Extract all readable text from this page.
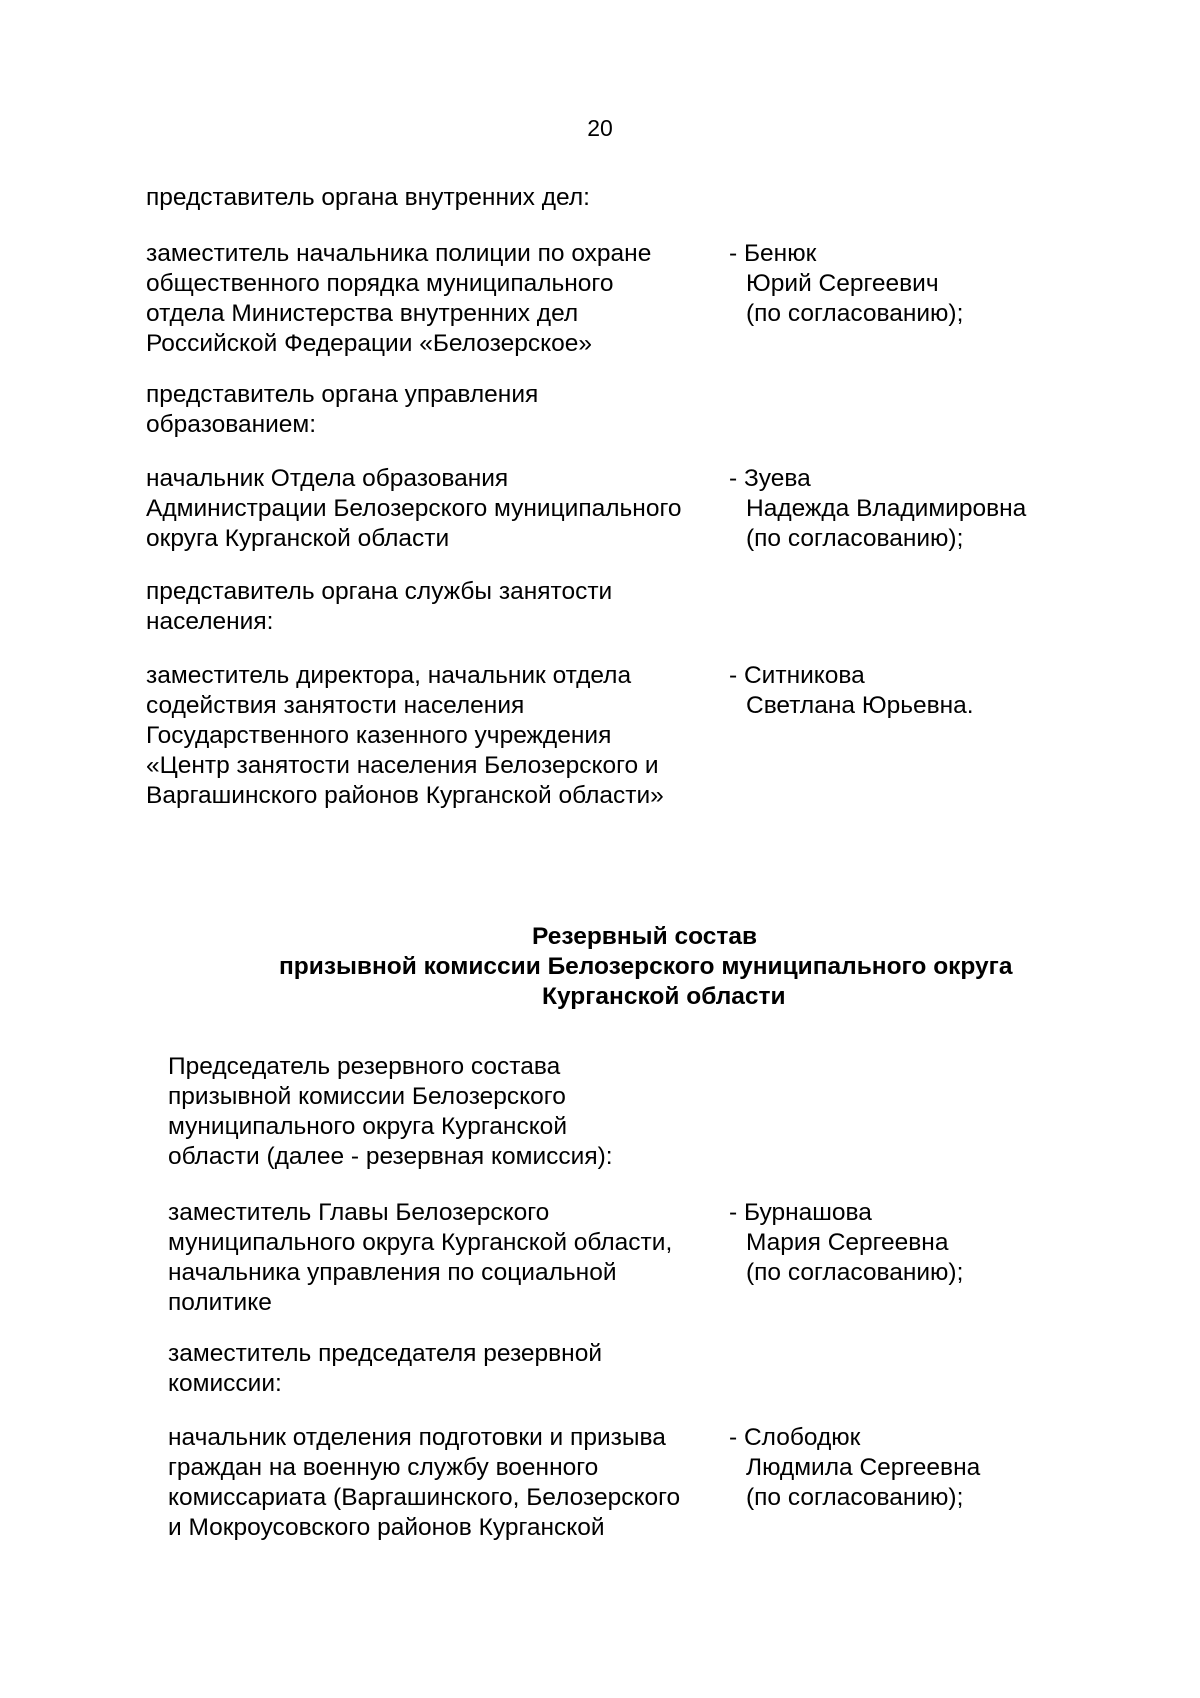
20
представитель органа внутренних дел:
заместитель начальника полиции по охране
общественного порядка муниципального
отдела Министерства внутренних дел
Российской Федерации «Белозерское»
- Бенюк
Юрий Сергеевич
(по согласованию);
представитель органа управления
образованием:
начальник Отдела образования
Администрации Белозерского муниципального
округа Курганской области
- Зуева
Надежда Владимировна
(по согласованию);
представитель органа службы занятости
населения:
заместитель директора, начальник отдела
содействия занятости населения
Государственного казенного учреждения
«Центр занятости населения Белозерского и
Варгашинского районов Курганской области»
- Ситникова
Светлана Юрьевна.
Резервный состав
призывной комиссии Белозерского муниципального округа
Курганской области
Председатель резервного состава
призывной комиссии Белозерского
муниципального округа Курганской
области (далее - резервная комиссия):
заместитель Главы Белозерского
муниципального округа Курганской области,
начальника управления по социальной
политике
- Бурнашова
Мария Сергеевна
(по согласованию);
заместитель председателя резервной
комиссии:
начальник отделения подготовки и призыва
граждан на военную службу военного
комиссариата (Варгашинского, Белозерского
и Мокроусовского районов Курганской
- Слободюк
Людмила Сергеевна
(по согласованию);
